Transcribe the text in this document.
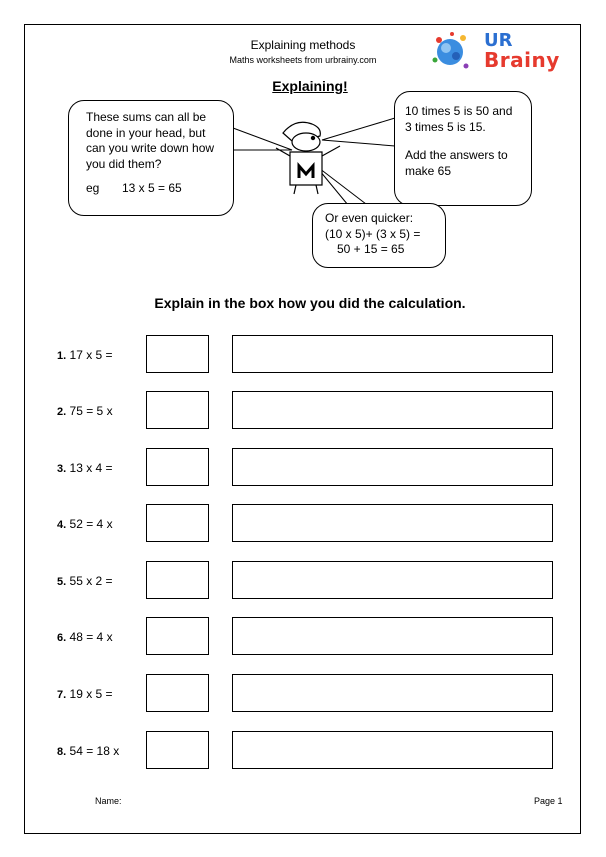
Explaining methods
Maths worksheets from urbrainy.com
UR
Brainy
Explaining!

These sums can all be

done in your head, but

can you write down how

you did them?

eg 13 x 5 = 65

10 times 5 is 50 and

3 times 5 is 15.

Add the answers to

make 65

Or even quicker:

(10 x 5)+ (3 x 5) =

50 + 15 = 65

Explain in the box how you did the calculation.
1. 17 x 5 =
2. 75 = 5 x
3. 13 x 4 =
4. 52 = 4 x
5. 55 x 2 =
6. 48 = 4 x
7. 19 x 5 =
8. 54 = 18 x
Name:	Page 1
